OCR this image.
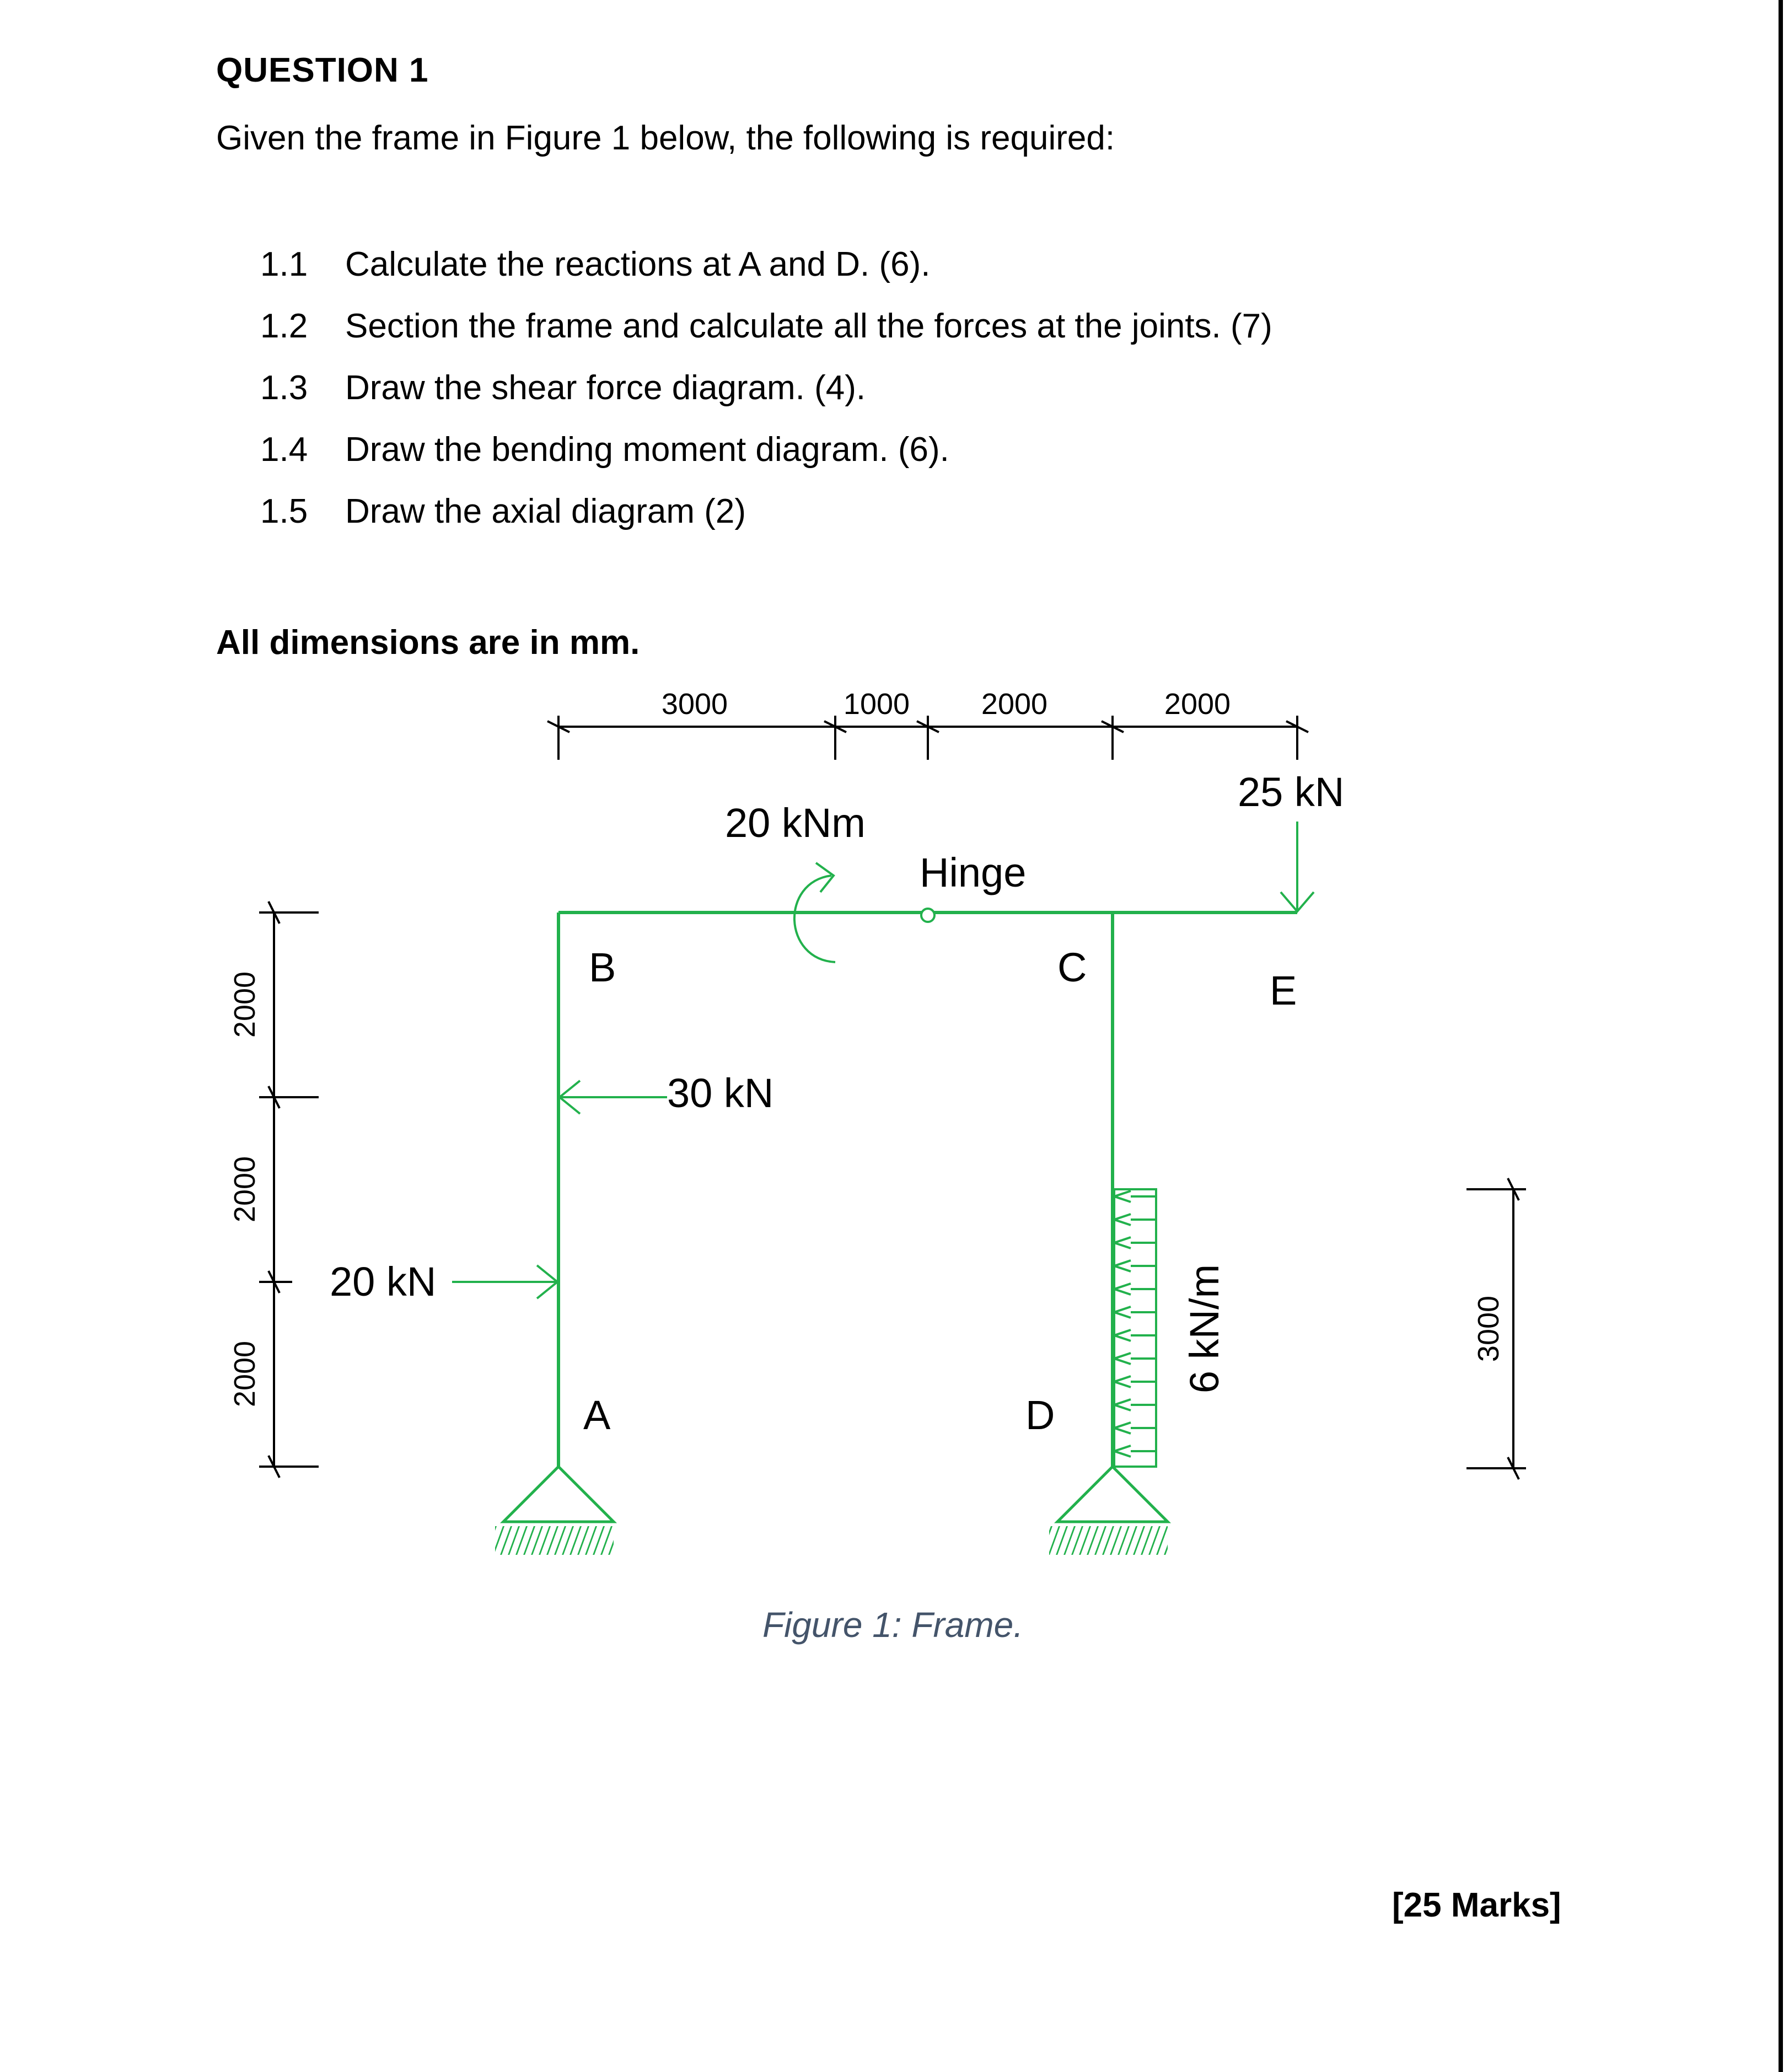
QUESTION 1
Given the frame in Figure 1 below, the following is required:
1.1	Calculate the reactions at A and D. (6).
1.2	Section the frame and calculate all the forces at the joints. (7)
1.3	Draw the shear force diagram. (4).
1.4	Draw the bending moment diagram. (6).
1.5	Draw the axial diagram (2)
All dimensions are in mm.
3000	1000 2000	2000
2000
2000
2000
3000
Hinge
B	C
E
A	D
20 kNm
25 kN
30 kN
20 kN	6 kN/m
Figure 1: Frame.
[25 Marks]
